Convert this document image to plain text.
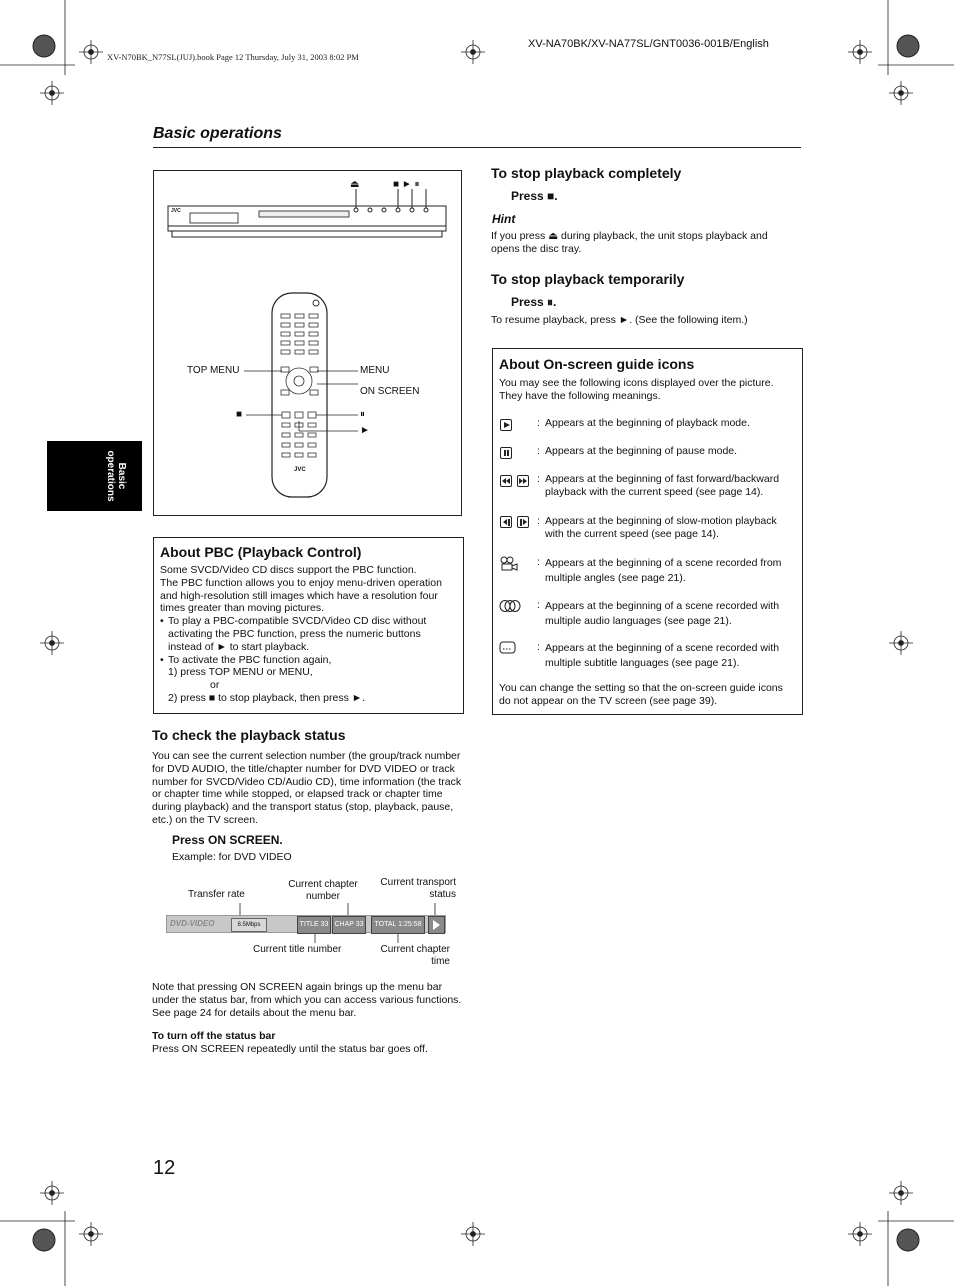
XV-N70BK_N77SL(JUJ).book Page 12 Thursday, July 31, 2003 8:02 PM
XV-NA70BK/XV-NA77SL/GNT0036-001B/English
Basic operations
Basic operations
JVC
JVC
⏏	■ ► ⏸
TOP MENU	MENU
ON SCREEN
■	⏸
►
About PBC (Playback Control)
Some SVCD/Video CD discs support the PBC function.
The PBC function allows you to enjoy menu-driven operation and high-resolution still images which have a resolution four times greater than moving pictures.
• To play a PBC-compatible SVCD/Video CD disc without activating the PBC function, press the numeric buttons instead of ► to start playback.
• To activate the PBC function again,
1) press TOP MENU or MENU,
or
2) press ■ to stop playback, then press ►.
To check the playback status
You can see the current selection number (the group/track number for DVD AUDIO, the title/chapter number for DVD VIDEO or track number for SVCD/Video CD/Audio CD), time information (the track or chapter time while stopped, or elapsed track or chapter time during playback) and the transport status (stop, playback, pause, etc.) on the TV screen.
Press ON SCREEN.
Example: for DVD VIDEO
Transfer rate
Current chapter number
Current transport status
Current title number	Current chapter time
DVD-VIDEO	8.5Mbps	TITLE 33 CHAP 33	TOTAL 1:25:58
Note that pressing ON SCREEN again brings up the menu bar under the status bar, from which you can access various functions. See page 24 for details about the menu bar.
To turn off the status bar
Press ON SCREEN repeatedly until the status bar goes off.
To stop playback completely
Press ■.
Hint
If you press ⏏ during playback, the unit stops playback and opens the disc tray.
To stop playback temporarily
Press ⏸.
To resume playback, press ►. (See the following item.)
About On-screen guide icons
You may see the following icons displayed over the picture. They have the following meanings.
: Appears at the beginning of playback mode.
: Appears at the beginning of pause mode.
: Appears at the beginning of fast forward/backward playback with the current speed (see page 14).
: Appears at the beginning of slow-motion playback with the current speed (see page 14).
: Appears at the beginning of a scene recorded from multiple angles (see page 21).
: Appears at the beginning of a scene recorded with multiple audio languages (see page 21).
: Appears at the beginning of a scene recorded with multiple subtitle languages (see page 21).
You can change the setting so that the on-screen guide icons do not appear on the TV screen (see page 39).
12
